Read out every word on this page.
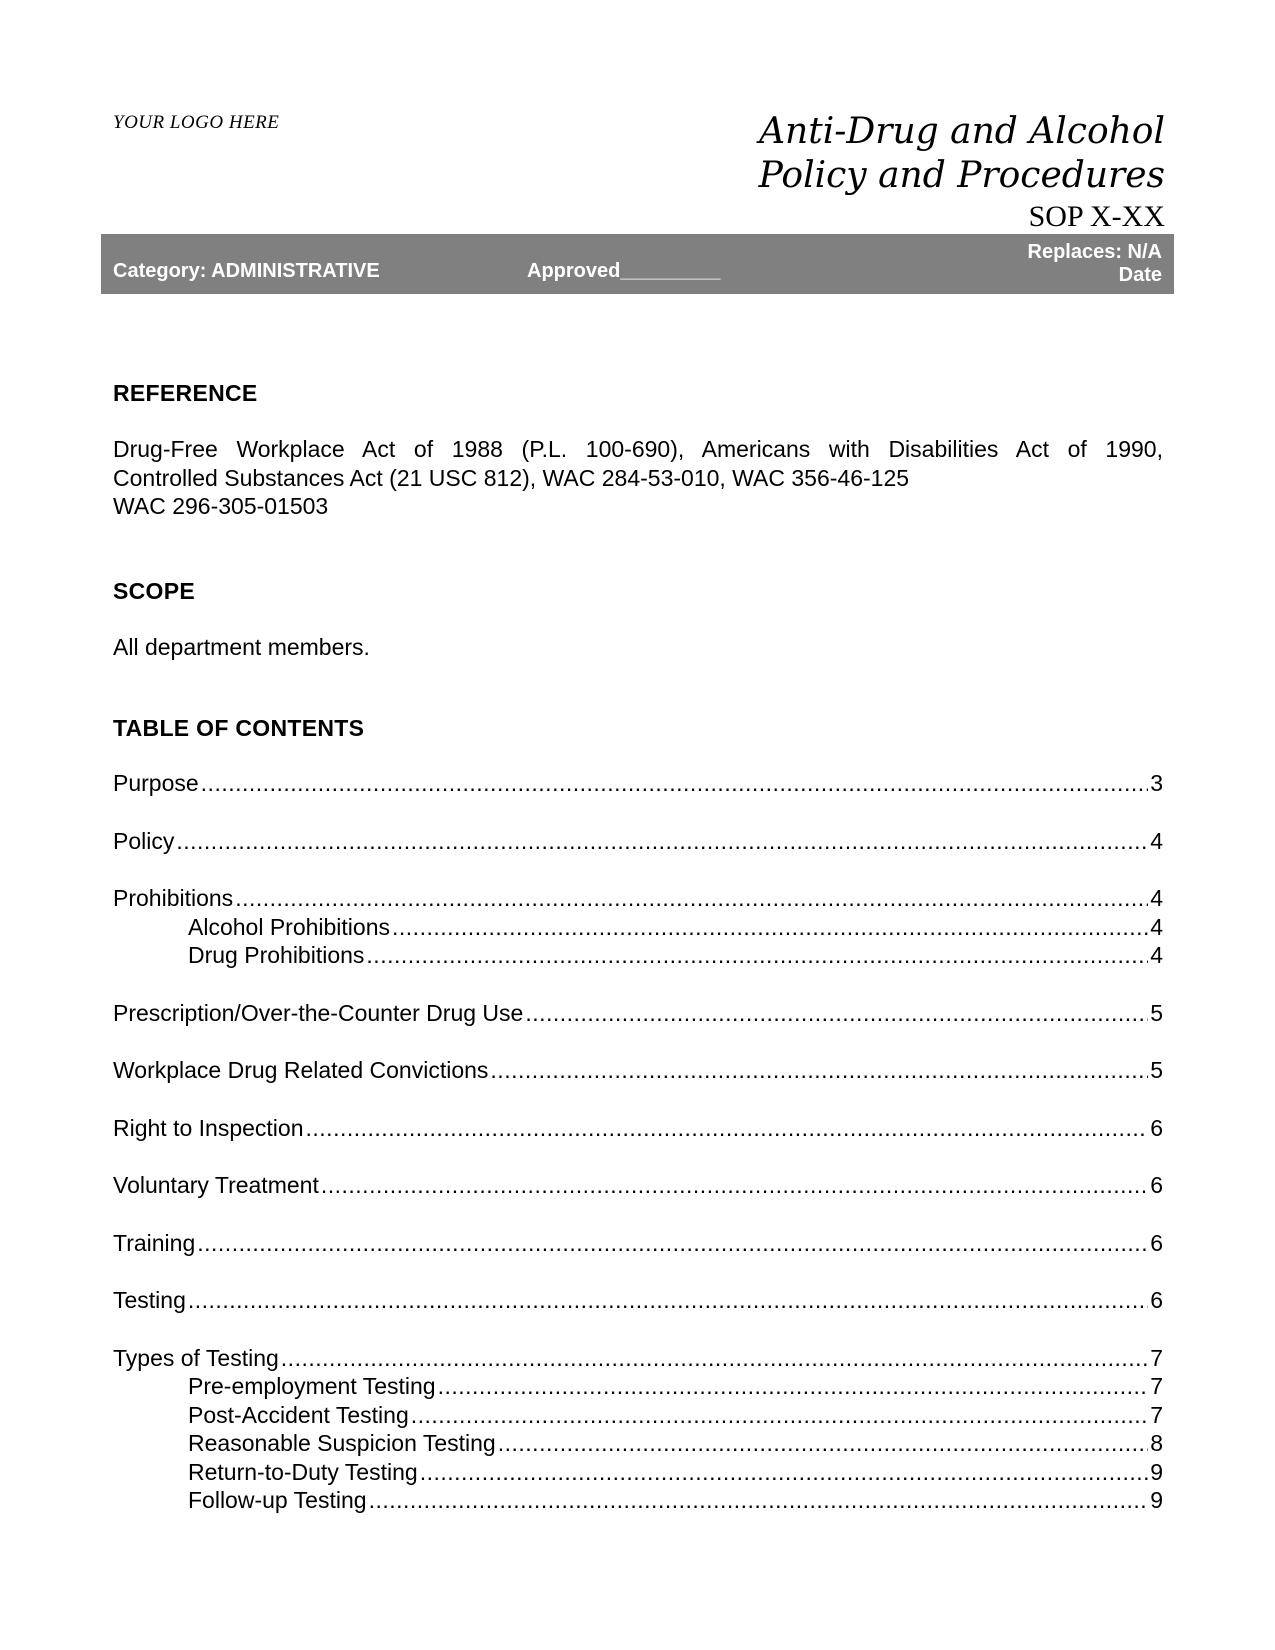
YOUR LOGO HERE	Anti-Drug and Alcohol
Policy and Procedures
SOP X-XX
Category: ADMINISTRATIVE	Approved_________
Replaces: N/A
Date
REFERENCE
Drug-Free Workplace Act of 1988 (P.L. 100-690), Americans with Disabilities Act of 1990,
Controlled Substances Act (21 USC 812), WAC 284-53-010, WAC 356-46-125
WAC 296-305-01503
SCOPE
All department members.
TABLE OF CONTENTS
Purpose .....	3
Policy .....	4
Prohibitions .....	4
Alcohol Prohibitions .....	4
Drug Prohibitions .....	4
Prescription/Over-the-Counter Drug Use .....	5
Workplace Drug Related Convictions .....	5
Right to Inspection .....	6
Voluntary Treatment .....	6
Training .....	6
Testing .....	6
Types of Testing .....	7
Pre-employment Testing .....	7
Post-Accident Testing .....	7
Reasonable Suspicion Testing .....	8
Return-to-Duty Testing .....	9
Follow-up Testing .....	9
